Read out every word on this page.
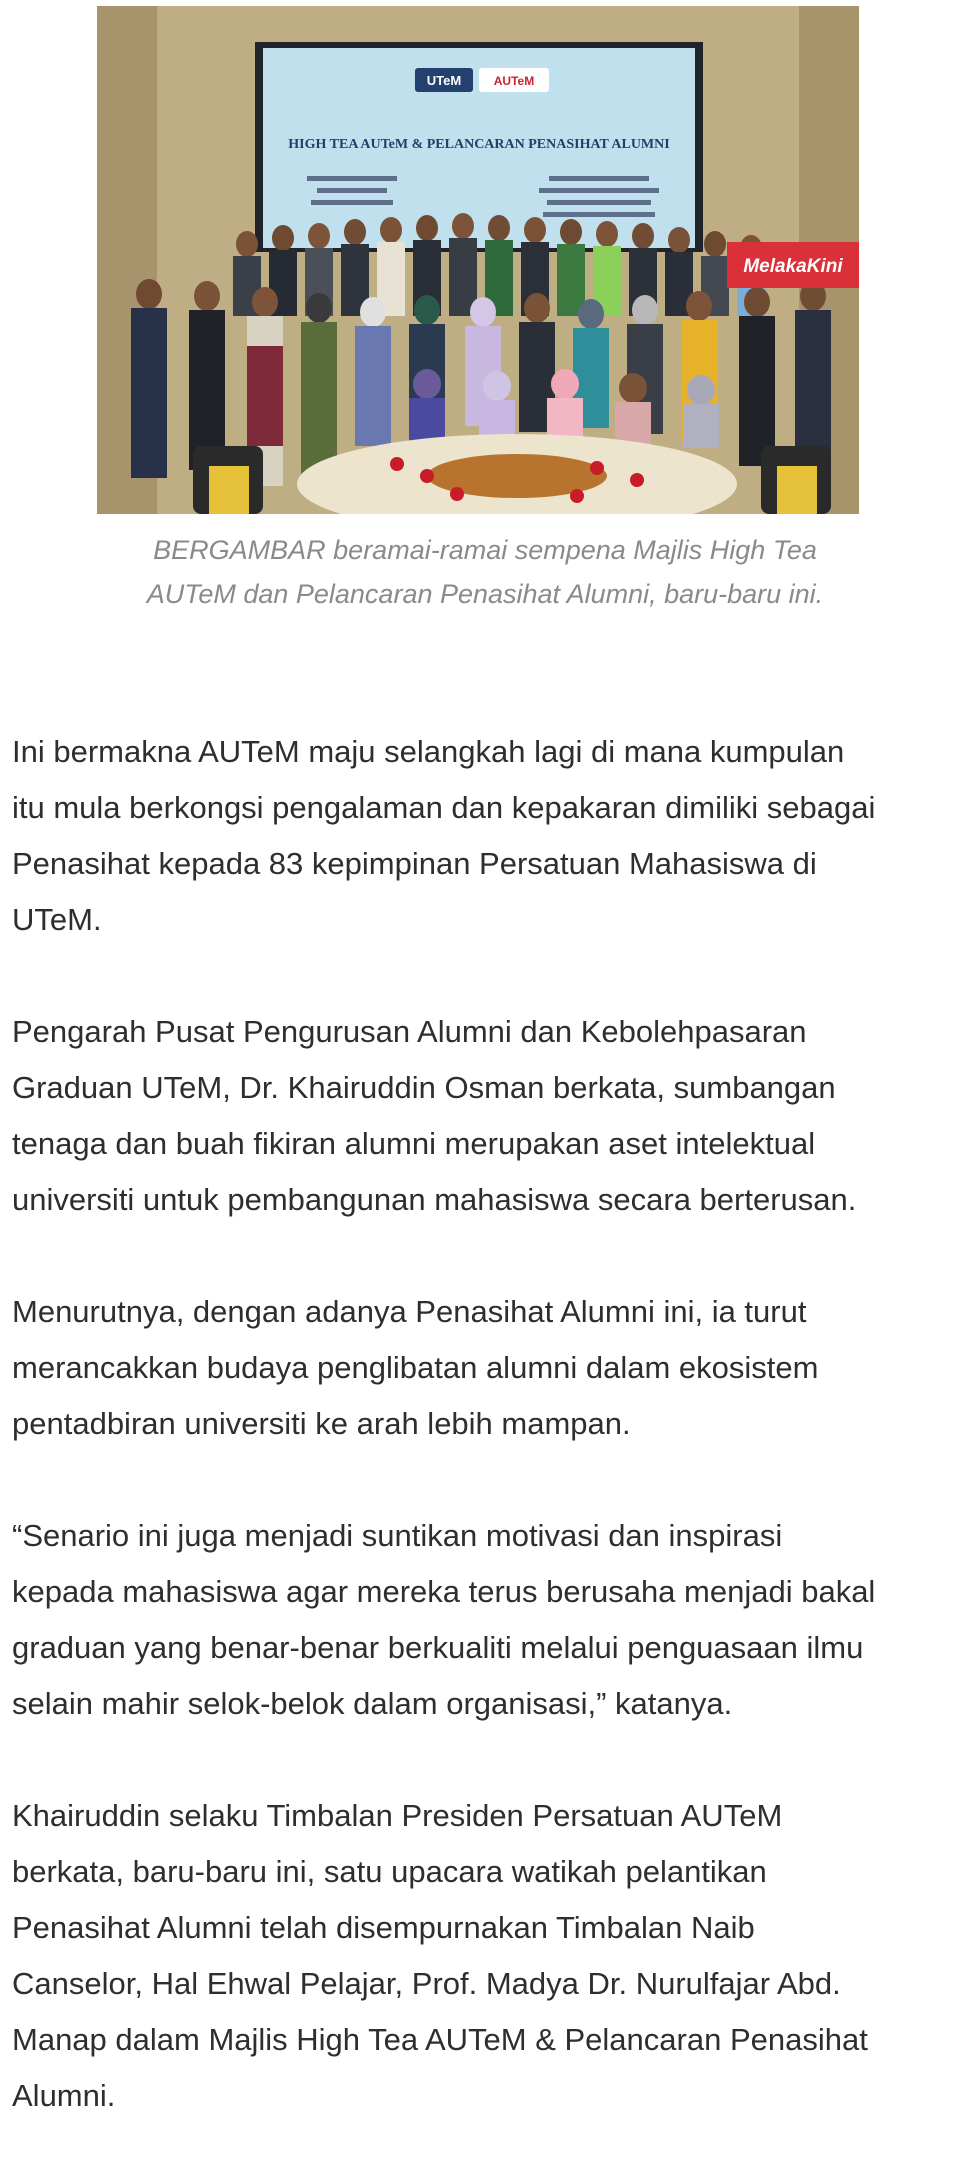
UTeM	AUTeM
HIGH TEA AUTeM & PELANCARAN PENASIHAT ALUMNI
MelakaKini
BERGAMBAR beramai-ramai sempena Majlis High Tea
AUTeM dan Pelancaran Penasihat Alumni, baru-baru ini.

Ini bermakna AUTeM maju selangkah lagi di mana kumpulan
itu mula berkongsi pengalaman dan kepakaran dimiliki sebagai
Penasihat kepada 83 kepimpinan Persatuan Mahasiswa di
UTeM.

Pengarah Pusat Pengurusan Alumni dan Kebolehpasaran
Graduan UTeM, Dr. Khairuddin Osman berkata, sumbangan
tenaga dan buah fikiran alumni merupakan aset intelektual
universiti untuk pembangunan mahasiswa secara berterusan.

Menurutnya, dengan adanya Penasihat Alumni ini, ia turut
merancakkan budaya penglibatan alumni dalam ekosistem
pentadbiran universiti ke arah lebih mampan.

“Senario ini juga menjadi suntikan motivasi dan inspirasi
kepada mahasiswa agar mereka terus berusaha menjadi bakal
graduan yang benar-benar berkualiti melalui penguasaan ilmu
selain mahir selok-belok dalam organisasi,” katanya.

Khairuddin selaku Timbalan Presiden Persatuan AUTeM
berkata, baru-baru ini, satu upacara watikah pelantikan
Penasihat Alumni telah disempurnakan Timbalan Naib
Canselor, Hal Ehwal Pelajar, Prof. Madya Dr. Nurulfajar Abd.
Manap dalam Majlis High Tea AUTeM & Pelancaran Penasihat
Alumni.
